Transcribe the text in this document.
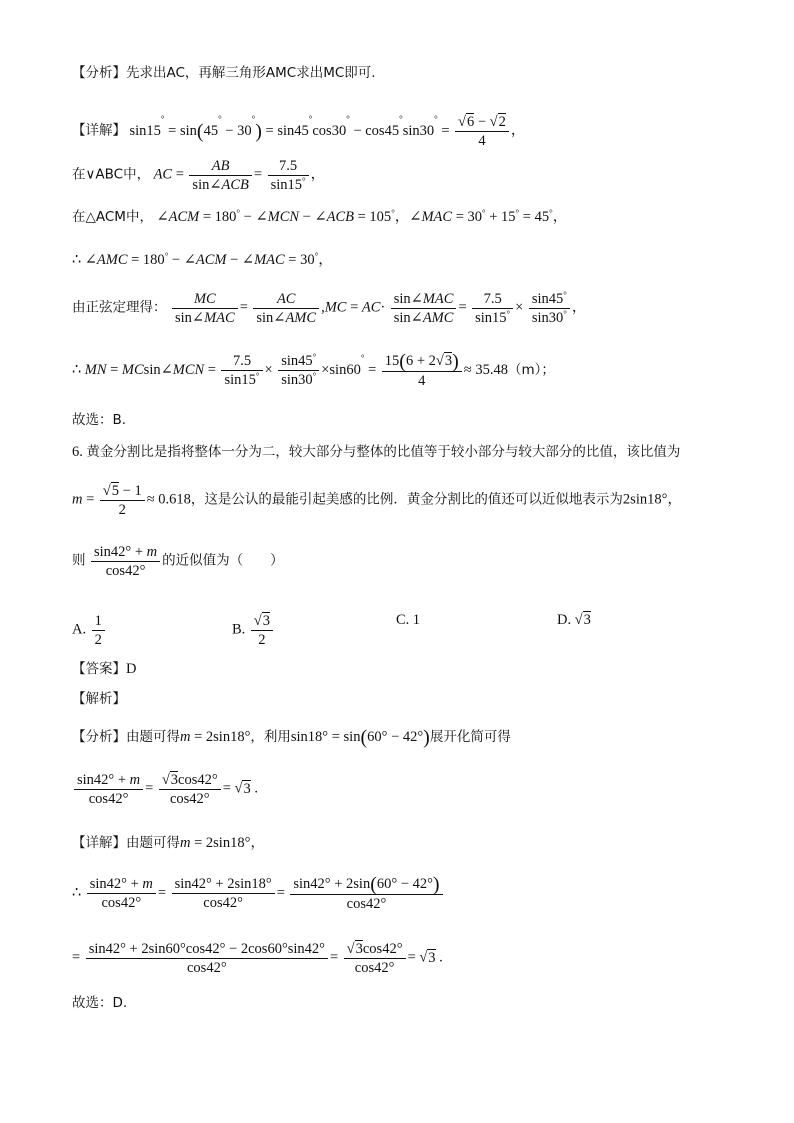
【分析】先求出AC，再解三角形AMC求出MC即可.
【详解】 $\sin 15^\circ = \sin(45^\circ - 30^\circ) = \sin 45^\circ\cos 30^\circ - \cos 45^\circ\sin 30^\circ = \frac{√6 - √2}{4}$ ，
在∨ABC中， AC = $\frac{AB}{\text{sin∠ACB}} = \frac{7.5}{\sin 15^\circ}$ ，
在△ACM中， ∠ACM = 180° − ∠MCN − ∠ACB = 105°，∠MAC = 30° + 15° = 45°，
∴ ∠AMC = 180° − ∠ACM − ∠MAC = 30°，
由正弦定理得： $\frac{MC}{\text{sin∠MAC}} = \frac{AC}{\text{sin∠AMC}} ,MC = AC\cdot \frac{\text{sin∠MAC}}{\text{sin∠AMC}} = \frac{7.5}{\sin 15^\circ} \times \frac{\sin 45^\circ}{\sin 30^\circ}$ ，
∴ MN = MCsin∠MCN = $\frac{7.5}{\sin 15^\circ} \times \frac{\sin 45^\circ}{\sin 30^\circ} \times\sin 60^\circ = \frac{15(6 + 2√3)}{4} \approx 35.48(m)$；
故选：B.
6. 黄金分割比是指将整体一分为二，较大部分与整体的比值等于较小部分与较大部分的比值，该比值为
$m = \frac{√5 - 1}{2} \approx 0.618$，这是公认的最能引起美感的比例．黄金分割比的值还可以近似地表示为2sin18°，
则 $\frac{\sin 42^\circ + m}{\cos 42^\circ}$ 的近似值为（　　）
A. $\frac{1}{2}$	B. $\frac{√3}{2}$	C. 1	D. √3
【答案】D
【解析】
【分析】由题可得m = 2sin18°，利用sin18° = sin(60° − 42°)展开化简可得
$\frac{\sin 42^\circ + m}{\cos 42^\circ} = \frac{√3\cos 42^\circ}{\cos 42^\circ} = √3$ .
【详解】由题可得m = 2sin18°，
∴ $\frac{\sin 42^\circ + m}{\cos 42^\circ} = \frac{\sin 42^\circ + 2\sin 18^\circ}{\cos 42^\circ} = \frac{\sin 42^\circ + 2\sin(60^\circ - 42^\circ)}{\cos 42^\circ}$
= $\frac{\sin 42^\circ + 2\sin 60^\circ\cos 42^\circ - 2\cos 60^\circ\sin 42^\circ}{\cos 42^\circ} = \frac{√3\cos 42^\circ}{\cos 42^\circ} = √3$ .
故选：D.
